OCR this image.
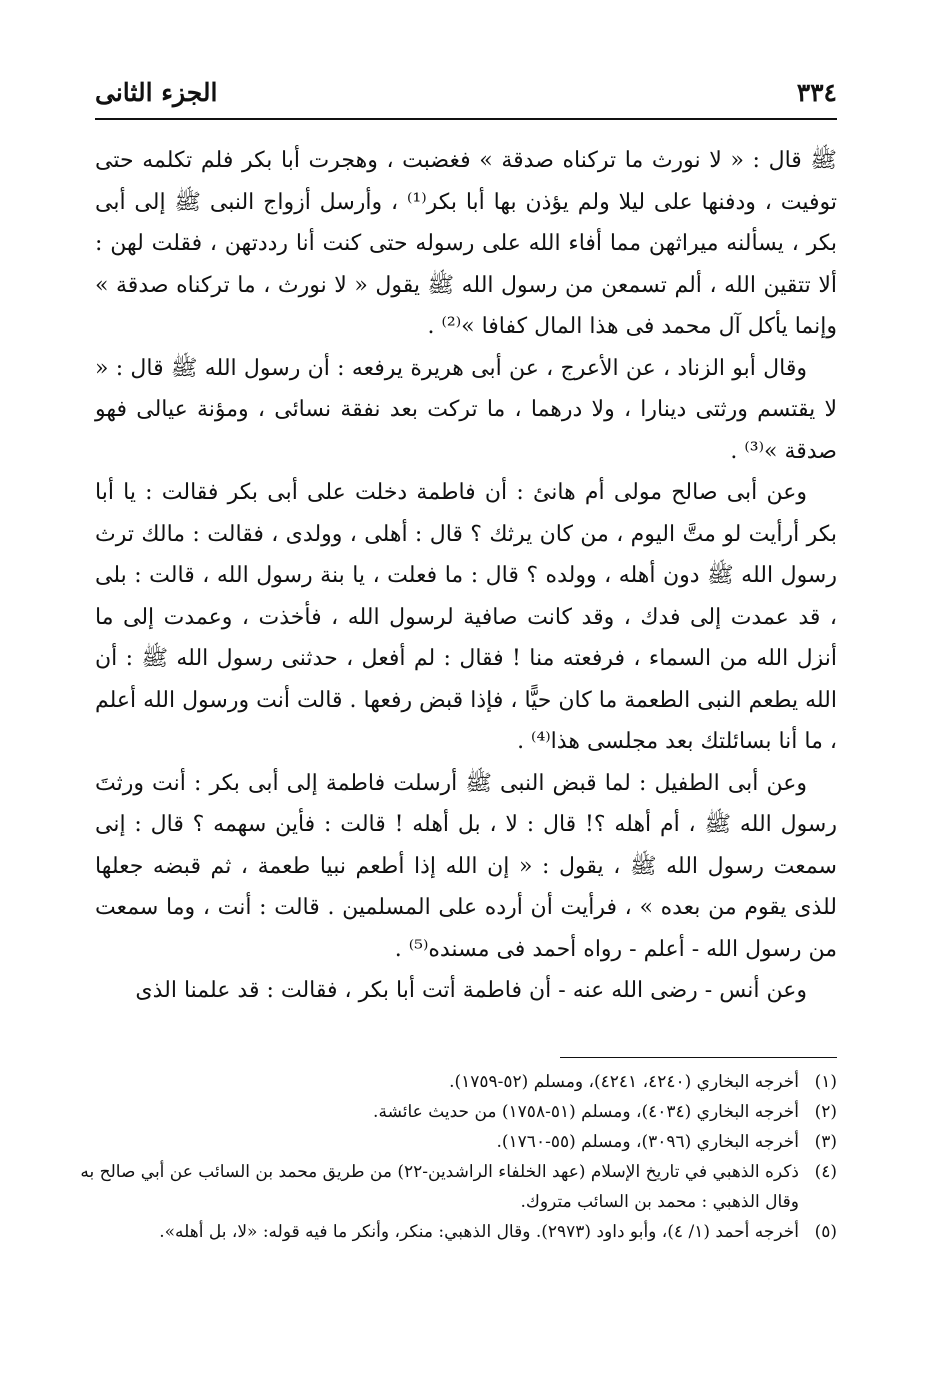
٣٣٤
الجزء الثانى

ﷺ قال : « لا نورث ما تركناه صدقة » فغضبت ، وهجرت أبا بكر فلم تكلمه حتى توفيت ، ودفنها على ليلا ولم يؤذن بها أبا بكر⁽¹⁾ ، وأرسل أزواج النبى ﷺ إلى أبى بكر ، يسألنه ميراثهن مما أفاء الله على رسوله حتى كنت أنا رددتهن ، فقلت لهن : ألا تتقين الله ، ألم تسمعن من رسول الله ﷺ يقول « لا نورث ، ما تركناه صدقة » وإنما يأكل آل محمد فى هذا المال كفافا »⁽²⁾ .

وقال أبو الزناد ، عن الأعرج ، عن أبى هريرة يرفعه : أن رسول الله ﷺ قال : « لا يقتسم ورثتى دينارا ، ولا درهما ، ما تركت بعد نفقة نسائى ، ومؤنة عيالى فهو صدقة »⁽³⁾ .

وعن أبى صالح مولى أم هانئ : أن فاطمة دخلت على أبى بكر فقالت : يا أبا بكر أرأيت لو متَّ اليوم ، من كان يرثك ؟ قال : أهلى ، وولدى ، فقالت : مالك ترث رسول الله ﷺ دون أهله ، وولده ؟ قال : ما فعلت ، يا بنة رسول الله ، قالت : بلى ، قد عمدت إلى فدك ، وقد كانت صافية لرسول الله ، فأخذت ، وعمدت إلى ما أنزل الله من السماء ، فرفعته منا ! فقال : لم أفعل ، حدثنى رسول الله ﷺ : أن الله يطعم النبى الطعمة ما كان حيًّا ، فإذا قبض رفعها . قالت أنت ورسول الله أعلم ، ما أنا بسائلتك بعد مجلسى هذا⁽⁴⁾ .

وعن أبى الطفيل : لما قبض النبى ﷺ أرسلت فاطمة إلى أبى بكر : أنت ورثتَ رسول الله ﷺ ، أم أهله ؟! قال : لا ، بل أهله ! قالت : فأين سهمه ؟ قال : إنى سمعت رسول الله ﷺ ، يقول : « إن الله إذا أطعم نبيا طعمة ، ثم قبضه جعلها للذى يقوم من بعده » ، فرأيت أن أرده على المسلمين . قالت : أنت ، وما سمعت من رسول الله - أعلم - رواه أحمد فى مسنده⁽⁵⁾ .

وعن أنس - رضى الله عنه - أن فاطمة أتت أبا بكر ، فقالت : قد علمنا الذى

(١)
أخرجه البخاري (٤٢٤٠، ٤٢٤١)، ومسلم (٥٢-١٧٥٩).

(٢)
أخرجه البخاري (٤٠٣٤)، ومسلم (٥١-١٧٥٨) من حديث عائشة.

(٣)
أخرجه البخاري (٣٠٩٦)، ومسلم (٥٥-١٧٦٠).

(٤)
ذكره الذهبي في تاريخ الإسلام (عهد الخلفاء الراشدين-٢٢) من طريق محمد بن السائب عن أبي صالح به وقال الذهبي : محمد بن السائب متروك.

(٥)
أخرجه أحمد (١/ ٤)، وأبو داود (٢٩٧٣). وقال الذهبي: منكر، وأنكر ما فيه قوله: «لا، بل أهله».
